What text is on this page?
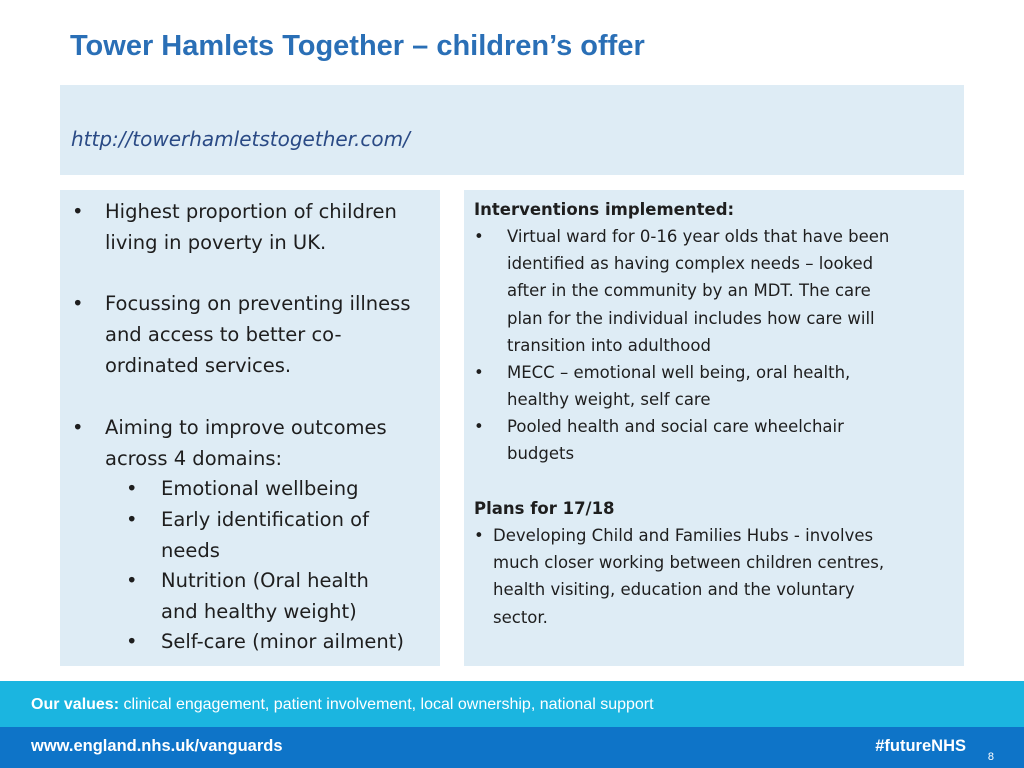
Tower Hamlets Together – children’s offer
http://towerhamletstogether.com/
• Highest proportion of children
living in poverty in UK.
• Focussing on preventing illness
and access to better co-
ordinated services.
• Aiming to improve outcomes
across 4 domains:
• Emotional wellbeing
• Early identification of
needs
• Nutrition (Oral health
and healthy weight)
• Self-care (minor ailment)
Interventions implemented:
• Virtual ward for 0-16 year olds that have been
identified as having complex needs – looked
after in the community by an MDT. The care
plan for the individual includes how care will
transition into adulthood
• MECC – emotional well being, oral health,
healthy weight, self care
• Pooled health and social care wheelchair
budgets
Plans for 17/18
• Developing Child and Families Hubs - involves
much closer working between children centres,
health visiting, education and the voluntary
sector.
Our values: clinical engagement, patient involvement, local ownership, national support
www.england.nhs.uk/vanguards	#futureNHS
8
